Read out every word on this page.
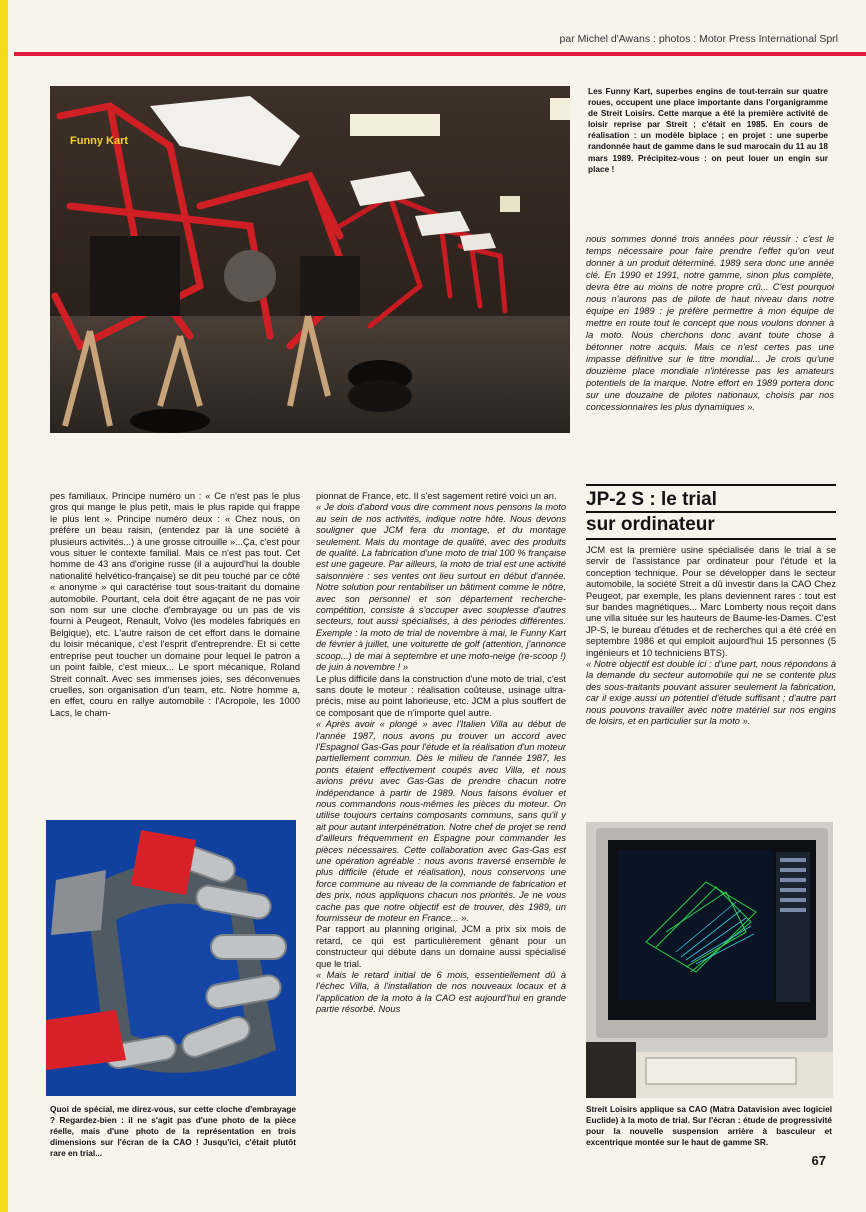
par Michel d'Awans : photos : Motor Press International Sprl
Funny Kart
Les Funny Kart, superbes engins de tout-terrain sur quatre roues, occupent une place importante dans l'organigramme de Streit Loisirs. Cette marque a été la première activité de loisir reprise par Streit ; c'était en 1985. En cours de réalisation : un modèle biplace ; en projet : une superbe randonnée haut de gamme dans le sud marocain du 11 au 18 mars 1989. Précipitez-vous : on peut louer un engin sur place !
nous sommes donné trois années pour réussir : c'est le temps nécessaire pour faire prendre l'effet qu'on veut donner à un produit déterminé. 1989 sera donc une année clé. En 1990 et 1991, notre gamme, sinon plus complète, devra être au moins de notre propre crû... C'est pourquoi nous n'aurons pas de pilote de haut niveau dans notre équipe en 1989 : je préfère permettre à mon équipe de mettre en route tout le concept que nous voulons donner à la moto. Nous cherchons donc avant toute chose à bétonner notre acquis. Mais ce n'est certes pas une impasse définitive sur le titre mondial... Je crois qu'une douzième place mondiale n'intéresse pas les amateurs potentiels de la marque. Notre effort en 1989 portera donc sur une douzaine de pilotes nationaux, choisis par nos concessionnaires les plus dynamiques ».
pes familiaux. Principe numéro un : « Ce n'est pas le plus gros qui mange le plus petit, mais le plus rapide qui frappe le plus lent ». Principe numéro deux : « Chez nous, on préfère un beau raisin, (entendez par là une société à plusieurs activités...) à une grosse citrouille »...Ça, c'est pour vous situer le contexte familial. Mais ce n'est pas tout. Cet homme de 43 ans d'origine russe (il a aujourd'hui la double nationalité helvético-française) se dit peu touché par ce côté « anonyme » qui caractérise tout sous-traitant du domaine automobile. Pourtant, cela doit être agaçant de ne pas voir son nom sur une cloche d'embrayage ou un pas de vis fourni à Peugeot, Renault, Volvo (les modèles fabriqués en Belgique), etc. L'autre raison de cet effort dans le domaine du loisir mécanique, c'est l'esprit d'entreprendre. Et si cette entreprise peut toucher un domaine pour lequel le patron a un point faible, c'est mieux... Le sport mécanique, Roland Streit connaît. Avec ses immenses joies, ses déconvenues cruelles, son organisation d'un team, etc. Notre homme a, en effet, couru en rallye automobile : l'Acropole, les 1000 Lacs, le cham-

pionnat de France, etc. Il s'est sagement retiré voici un an.

« Je dois d'abord vous dire comment nous pensons la moto au sein de nos activités, indique notre hôte. Nous devons souligner que JCM fera du montage, et du montage seulement. Mais du montage de qualité, avec des produits de qualité. La fabrication d'une moto de trial 100 % française est une gageure. Par ailleurs, la moto de trial est une activité saisonnière : ses ventes ont lieu surtout en début d'année. Notre solution pour rentabiliser un bâtiment comme le nôtre, avec son personnel et son département recherche-compétition, consiste à s'occuper avec souplesse d'autres secteurs, tout aussi spécialisés, à des périodes différentes. Exemple : la moto de trial de novembre à mai, le Funny Kart de février à juillet, une voiturette de golf (attention, j'annonce scoop...) de mai à septembre et une moto-neige (re-scoop !) de juin à novembre ! »

Le plus difficile dans la construction d'une moto de trial, c'est sans doute le moteur : réalisation coûteuse, usinage ultra-précis, mise au point laborieuse, etc. JCM a plus souffert de ce composant que de n'importe quel autre.

« Après avoir « plongé » avec l'Italien Villa au début de l'année 1987, nous avons pu trouver un accord avec l'Espagnol Gas-Gas pour l'étude et la réalisation d'un moteur partiellement commun. Dès le milieu de l'année 1987, les ponts étaient effectivement coupés avec Villa, et nous avions prévu avec Gas-Gas de prendre chacun notre indépendance à partir de 1989. Nous faisons évoluer et nous commandons nous-mêmes les pièces du moteur. On utilise toujours certains composants communs, sans qu'il y ait pour autant interpénétration. Notre chef de projet se rend d'ailleurs fréquemment en Espagne pour commander les pièces nécessaires. Cette collaboration avec Gas-Gas est une opération agréable : nous avons traversé ensemble le plus difficile (étude et réalisation), nous conservons une force commune au niveau de la commande de fabrication et des prix, nous appliquons chacun nos priorités. Je ne vous cache pas que notre objectif est de trouver, dès 1989, un fournisseur de moteur en France... ».

Par rapport au planning original, JCM a prix six mois de retard, ce qui est particulièrement gênant pour un constructeur qui débute dans un domaine aussi spécialisé que le trial.

« Mais le retard initial de 6 mois, essentiellement dû à l'échec Villa, à l'installation de nos nouveaux locaux et à l'application de la moto à la CAO est aujourd'hui en grande partie résorbé. Nous

JP-2 S : le trial
sur ordinateur

JCM est la première usine spécialisée dans le trial à se servir de l'assistance par ordinateur pour l'étude et la conception technique. Pour se développer dans le secteur automobile, la société Streit a dû investir dans la CAO Chez Peugeot, par exemple, les plans deviennent rares : tout est sur bandes magnétiques... Marc Lomberty nous reçoit dans une villa située sur les hauteurs de Baume-les-Dames. C'est JP-S, le bureau d'études et de recherches qui a été créé en septembre 1986 et qui emploit aujourd'hui 15 personnes (5 ingénieurs et 10 techniciens BTS).

« Notre objectif est double ici : d'une part, nous répondons à la demande du secteur automobile qui ne se contente plus des sous-traitants pouvant assurer seulement la fabrication, car il exige aussi un potentiel d'étude suffisant ; d'autre part nous pouvons travailler avec notre matériel sur nos engins de loisirs, et en particulier sur la moto ».

Quoi de spécial, me direz-vous, sur cette cloche d'embrayage ? Regardez-bien : il ne s'agit pas d'une photo de la pièce réelle, mais d'une photo de la représentation en trois dimensions sur l'écran de la CAO ! Jusqu'ici, c'était plutôt rare en trial...
Streit Loisirs applique sa CAO (Matra Datavision avec logiciel Euclide) à la moto de trial. Sur l'écran : étude de progressivité pour la nouvelle suspension arrière à basculeur et excentrique montée sur le haut de gamme SR.
67
